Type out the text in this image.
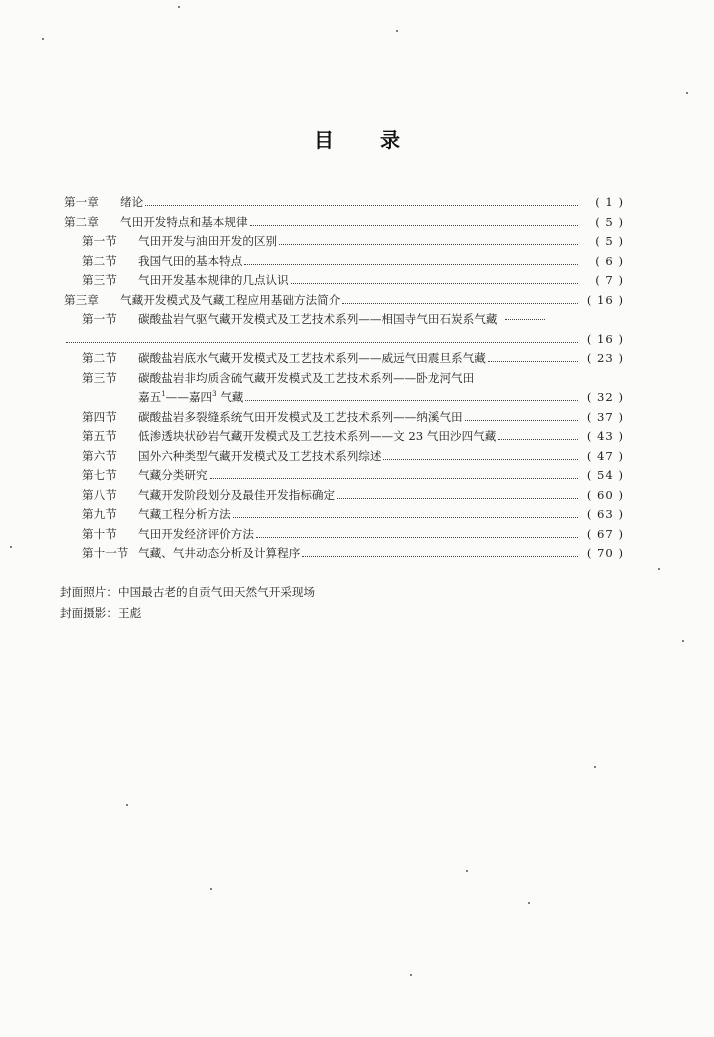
目 录
第一章	绪论	( 1 )
第二章	气田开发特点和基本规律	( 5 )
第一节	气田开发与油田开发的区别	( 5 )
第二节	我国气田的基本特点	( 6 )
第三节	气田开发基本规律的几点认识	( 7 )
第三章	气藏开发模式及气藏工程应用基础方法简介	( 16 )
第一节	碳酸盐岩气驱气藏开发模式及工艺技术系列——相国寺气田石炭系气藏
( 16 )
第二节	碳酸盐岩底水气藏开发模式及工艺技术系列——威远气田震旦系气藏	( 23 )
第三节	碳酸盐岩非均质含硫气藏开发模式及工艺技术系列——卧龙河气田
嘉五$^1$——嘉四$^3$ 气藏	( 32 )
第四节	碳酸盐岩多裂缝系统气田开发模式及工艺技术系列——纳溪气田	( 37 )
第五节	低渗透块状砂岩气藏开发模式及工艺技术系列——文 23 气田沙四气藏	( 43 )
第六节	国外六种类型气藏开发模式及工艺技术系列综述	( 47 )
第七节	气藏分类研究	( 54 )
第八节	气藏开发阶段划分及最佳开发指标确定	( 60 )
第九节	气藏工程分析方法	( 63 )
第十节	气田开发经济评价方法	( 67 )
第十一节 气藏、气井动态分析及计算程序	( 70 )
封面照片：中国最古老的自贡气田天然气开采现场
封面摄影：王彪
